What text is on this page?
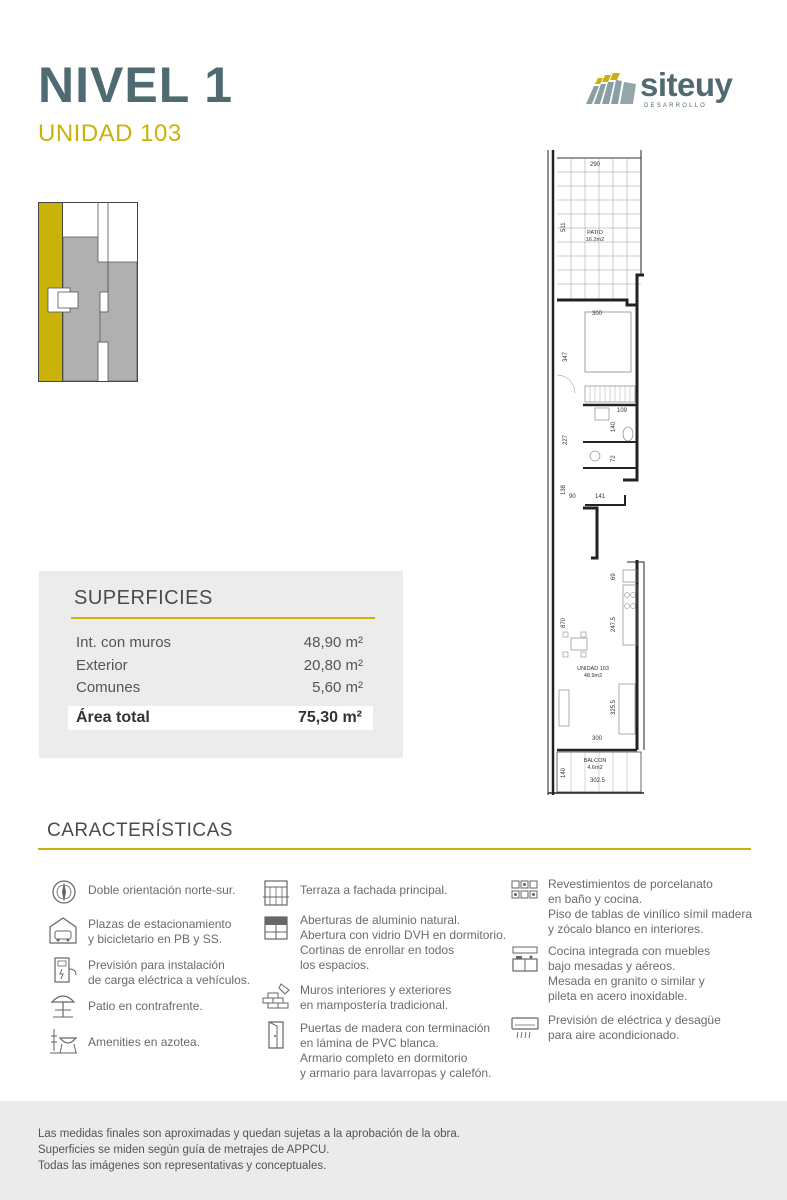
NIVEL 1
UNIDAD 103
siteuy
DESARROLLO
SUPERFICIES
Int. con muros	48,90 m²
Exterior	20,80 m²
Comunes	5,60 m²
Área total	75,30 m²
290
511
300
347
109
140
227
72
138
90	141
69
870	247.5
325.5
300
140
302.5
PATIO
16.2m2
UNIDAD 103
48.9m2
BALCON
4.6m2
CARACTERÍSTICAS
Doble orientación norte-sur.
Plazas de estacionamiento
y bicicletario en PB y SS.
Previsión para instalación
de carga eléctrica a vehículos.
Patio en contrafrente.
Amenities en azotea.
Terraza a fachada principal.
Aberturas de aluminio natural.
Abertura con vidrio DVH en dormitorio.
Cortinas de enrollar en todos
los espacios.
Muros interiores y exteriores
en mampostería tradicional.
Puertas de madera con terminación
en lámina de PVC blanca.
Armario completo en dormitorio
y armario para lavarropas y calefón.
Revestimientos de porcelanato
en baño y cocina.
Piso de tablas de vinílico símil madera
y zócalo blanco en interiores.
Cocina integrada con muebles
bajo mesadas y aéreos.
Mesada en granito o similar y
pileta en acero inoxidable.
Previsión de eléctrica y desagüe
para aire acondicionado.
Las medidas finales son aproximadas y quedan sujetas a la aprobación de la obra.
Superficies se miden según guía de metrajes de APPCU.
Todas las imágenes son representativas y conceptuales.
